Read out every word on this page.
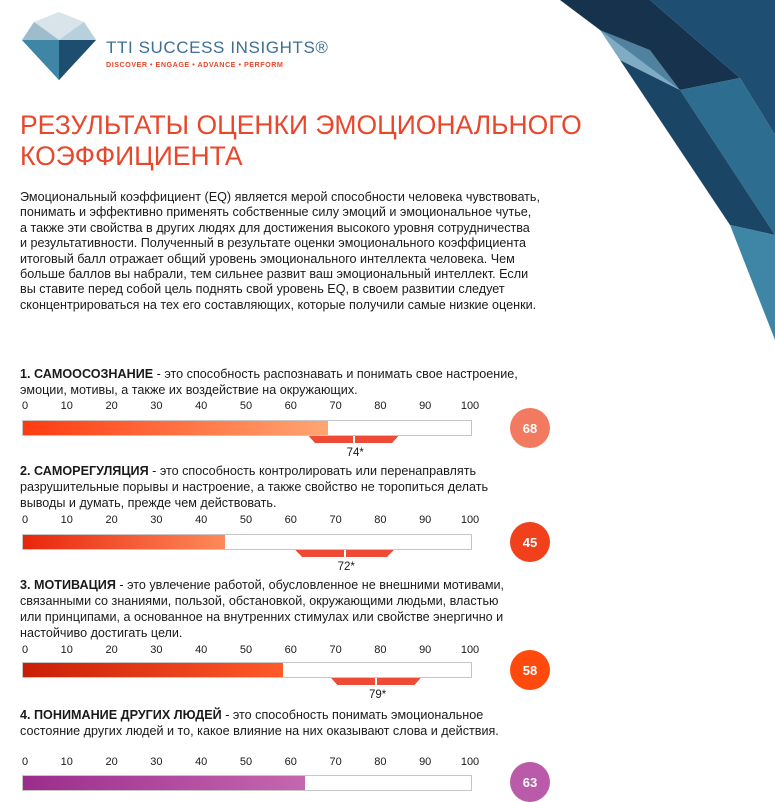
TTI SUCCESS INSIGHTS®
DISCOVER • ENGAGE • ADVANCE • PERFORM
РЕЗУЛЬТАТЫ ОЦЕНКИ ЭМОЦИОНАЛЬНОГО КОЭФФИЦИЕНТА
Эмоциональный коэффициент (EQ) является мерой способности человека чувствовать, понимать и эффективно применять собственные силу эмоций и эмоциональное чутье, а также эти свойства в других людях для достижения высокого уровня сотрудничества и результативности. Полученный в результате оценки эмоционального коэффициента итоговый балл отражает общий уровень эмоционального интеллекта человека. Чем больше баллов вы набрали, тем сильнее развит ваш эмоциональный интеллект. Если вы ставите перед собой цель поднять свой уровень EQ, в своем развитии следует сконцентрироваться на тех его составляющих, которые получили самые низкие оценки.
1. САМООСОЗНАНИЕ - это способность распознавать и понимать свое настроение, эмоции, мотивы, а также их воздействие на окружающих.
0	10	20	30	40	50	60	70	80	90	100
74*
68
2. САМОРЕГУЛЯЦИЯ - это способность контролировать или перенаправлять разрушительные порывы и настроение, а также свойство не торопиться делать выводы и думать, прежде чем действовать.
0	10	20	30	40	50	60	70	80	90	100
72*
45
3. МОТИВАЦИЯ - это увлечение работой, обусловленное не внешними мотивами, связанными со знаниями, пользой, обстановкой, окружающими людьми, властью или принципами, а основанное на внутренних стимулах или свойстве энергично и настойчиво достигать цели.
0	10	20	30	40	50	60	70	80	90	100
79*
58
4. ПОНИМАНИЕ ДРУГИХ ЛЮДЕЙ - это способность понимать эмоциональное состояние других людей и то, какое влияние на них оказывают слова и действия.
0	10	20	30	40	50	60	70	80	90	100
63
